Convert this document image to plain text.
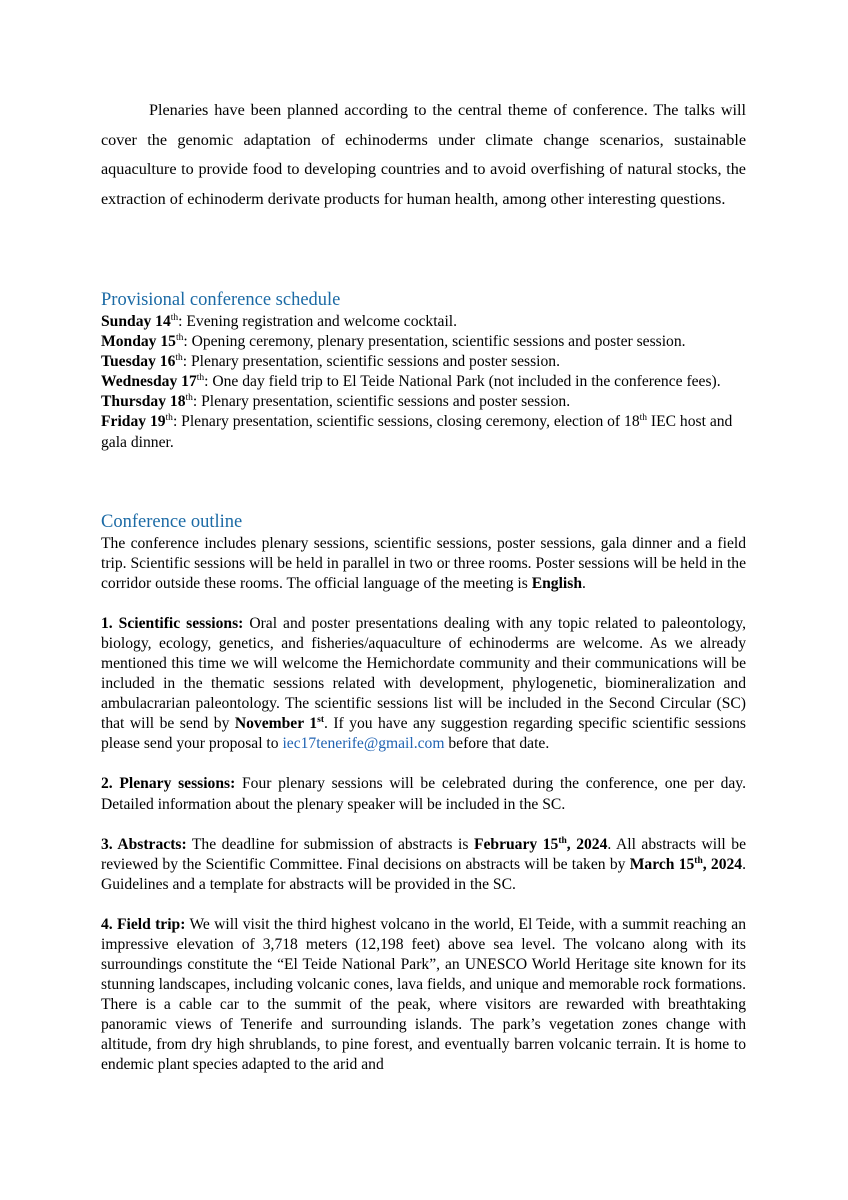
Plenaries have been planned according to the central theme of conference. The talks will cover the genomic adaptation of echinoderms under climate change scenarios, sustainable aquaculture to provide food to developing countries and to avoid overfishing of natural stocks, the extraction of echinoderm derivate products for human health, among other interesting questions.

Provisional conference schedule

Sunday 14th: Evening registration and welcome cocktail.

Monday 15th: Opening ceremony, plenary presentation, scientific sessions and poster session.

Tuesday 16th: Plenary presentation, scientific sessions and poster session.

Wednesday 17th: One day field trip to El Teide National Park (not included in the conference fees).

Thursday 18th: Plenary presentation, scientific sessions and poster session.

Friday 19th: Plenary presentation, scientific sessions, closing ceremony, election of 18th IEC host and gala dinner.

Conference outline

The conference includes plenary sessions, scientific sessions, poster sessions, gala dinner and a field trip. Scientific sessions will be held in parallel in two or three rooms. Poster sessions will be held in the corridor outside these rooms. The official language of the meeting is English.

1. Scientific sessions: Oral and poster presentations dealing with any topic related to paleontology, biology, ecology, genetics, and fisheries/aquaculture of echinoderms are welcome. As we already mentioned this time we will welcome the Hemichordate community and their communications will be included in the thematic sessions related with development, phylogenetic, biomineralization and ambulacrarian paleontology. The scientific sessions list will be included in the Second Circular (SC) that will be send by November 1st. If you have any suggestion regarding specific scientific sessions please send your proposal to iec17tenerife@gmail.com before that date.

2. Plenary sessions: Four plenary sessions will be celebrated during the conference, one per day. Detailed information about the plenary speaker will be included in the SC.

3. Abstracts: The deadline for submission of abstracts is February 15th, 2024. All abstracts will be reviewed by the Scientific Committee. Final decisions on abstracts will be taken by March 15th, 2024. Guidelines and a template for abstracts will be provided in the SC.

4. Field trip: We will visit the third highest volcano in the world, El Teide, with a summit reaching an impressive elevation of 3,718 meters (12,198 feet) above sea level. The volcano along with its surroundings constitute the “El Teide National Park”, an UNESCO World Heritage site known for its stunning landscapes, including volcanic cones, lava fields, and unique and memorable rock formations. There is a cable car to the summit of the peak, where visitors are rewarded with breathtaking panoramic views of Tenerife and surrounding islands. The park’s vegetation zones change with altitude, from dry high shrublands, to pine forest, and eventually barren volcanic terrain. It is home to endemic plant species adapted to the arid and
